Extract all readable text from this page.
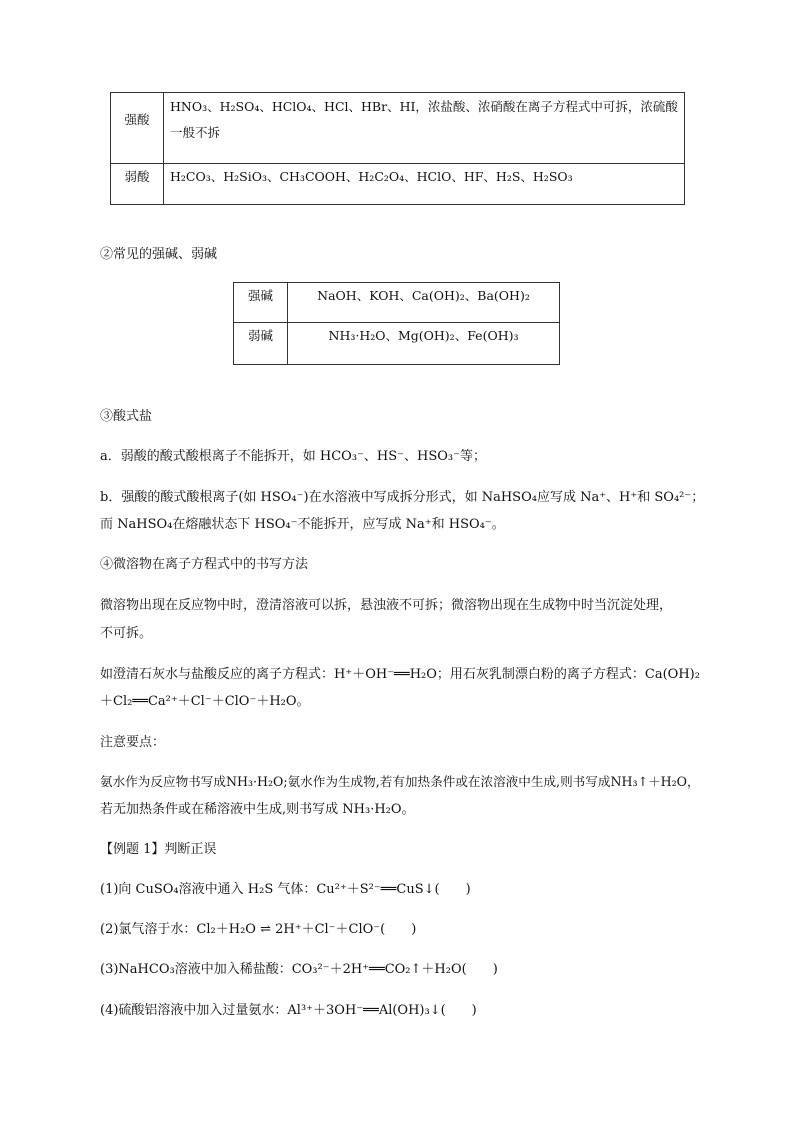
强酸	HNO₃、H₂SO₄、HClO₄、HCl、HBr、HI，浓盐酸、浓硝酸在离子方程式中可拆，浓硫酸一般不拆
弱酸	H₂CO₃、H₂SiO₃、CH₃COOH、H₂C₂O₄、HClO、HF、H₂S、H₂SO₃
②常见的强碱、弱碱
强碱	NaOH、KOH、Ca(OH)₂、Ba(OH)₂
弱碱	NH₃·H₂O、Mg(OH)₂、Fe(OH)₃
③酸式盐
a．弱酸的酸式酸根离子不能拆开，如 HCO₃⁻、HS⁻、HSO₃⁻等；
b．强酸的酸式酸根离子(如 HSO₄⁻)在水溶液中写成拆分形式，如 NaHSO₄应写成 Na⁺、H⁺和 SO₄²⁻；
而 NaHSO₄在熔融状态下 HSO₄⁻不能拆开，应写成 Na⁺和 HSO₄⁻。
④微溶物在离子方程式中的书写方法
微溶物出现在反应物中时，澄清溶液可以拆，悬浊液不可拆；微溶物出现在生成物中时当沉淀处理，
不可拆。
如澄清石灰水与盐酸反应的离子方程式：H⁺＋OH⁻══H₂O；用石灰乳制漂白粉的离子方程式：Ca(OH)₂
＋Cl₂══Ca²⁺＋Cl⁻＋ClO⁻＋H₂O。
注意要点：
氨水作为反应物书写成NH₃·H₂O;氨水作为生成物,若有加热条件或在浓溶液中生成,则书写成NH₃↑＋H₂O，
若无加热条件或在稀溶液中生成,则书写成 NH₃·H₂O。
【例题 1】判断正误
(1)向 CuSO₄溶液中通入 H₂S 气体：Cu²⁺＋S²⁻══CuS↓(　　)
(2)氯气溶于水：Cl₂＋H₂O ⇌ 2H⁺＋Cl⁻＋ClO⁻(　　)
(3)NaHCO₃溶液中加入稀盐酸：CO₃²⁻＋2H⁺══CO₂↑＋H₂O(　　)
(4)硫酸铝溶液中加入过量氨水：Al³⁺＋3OH⁻══Al(OH)₃↓(　　)
